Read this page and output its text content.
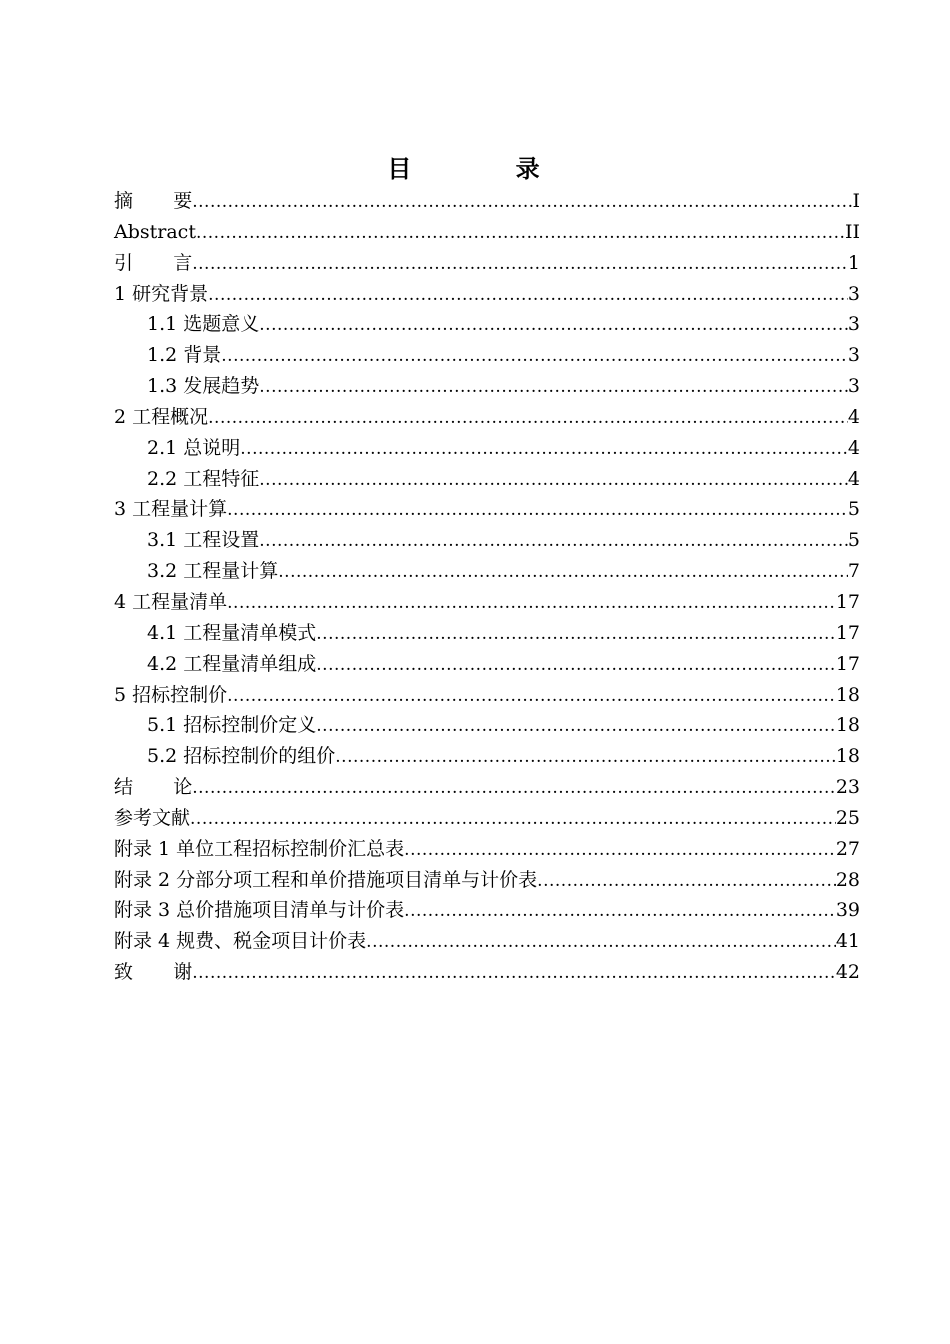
目 录
摘 要 .....	I
Abstract .....	II
引 言 .....	1
1 研究背景 .....	3
1.1 选题意义 .....	3
1.2 背景 .....	3
1.3 发展趋势 .....	3
2 工程概况 .....	4
2.1 总说明 .....	4
2.2 工程特征 .....	4
3 工程量计算 .....	5
3.1 工程设置 .....	5
3.2 工程量计算 .....	7
4 工程量清单 .....	17
4.1 工程量清单模式 .....	17
4.2 工程量清单组成 .....	17
5 招标控制价 .....	18
5.1 招标控制价定义 .....	18
5.2 招标控制价的组价 .....	18
结 论 .....	23
参考文献 .....	25
附录 1 单位工程招标控制价汇总表 .....	27
附录 2 分部分项工程和单价措施项目清单与计价表 .....	28
附录 3 总价措施项目清单与计价表 .....	39
附录 4 规费、税金项目计价表 .....	41
致 谢 .....	42
